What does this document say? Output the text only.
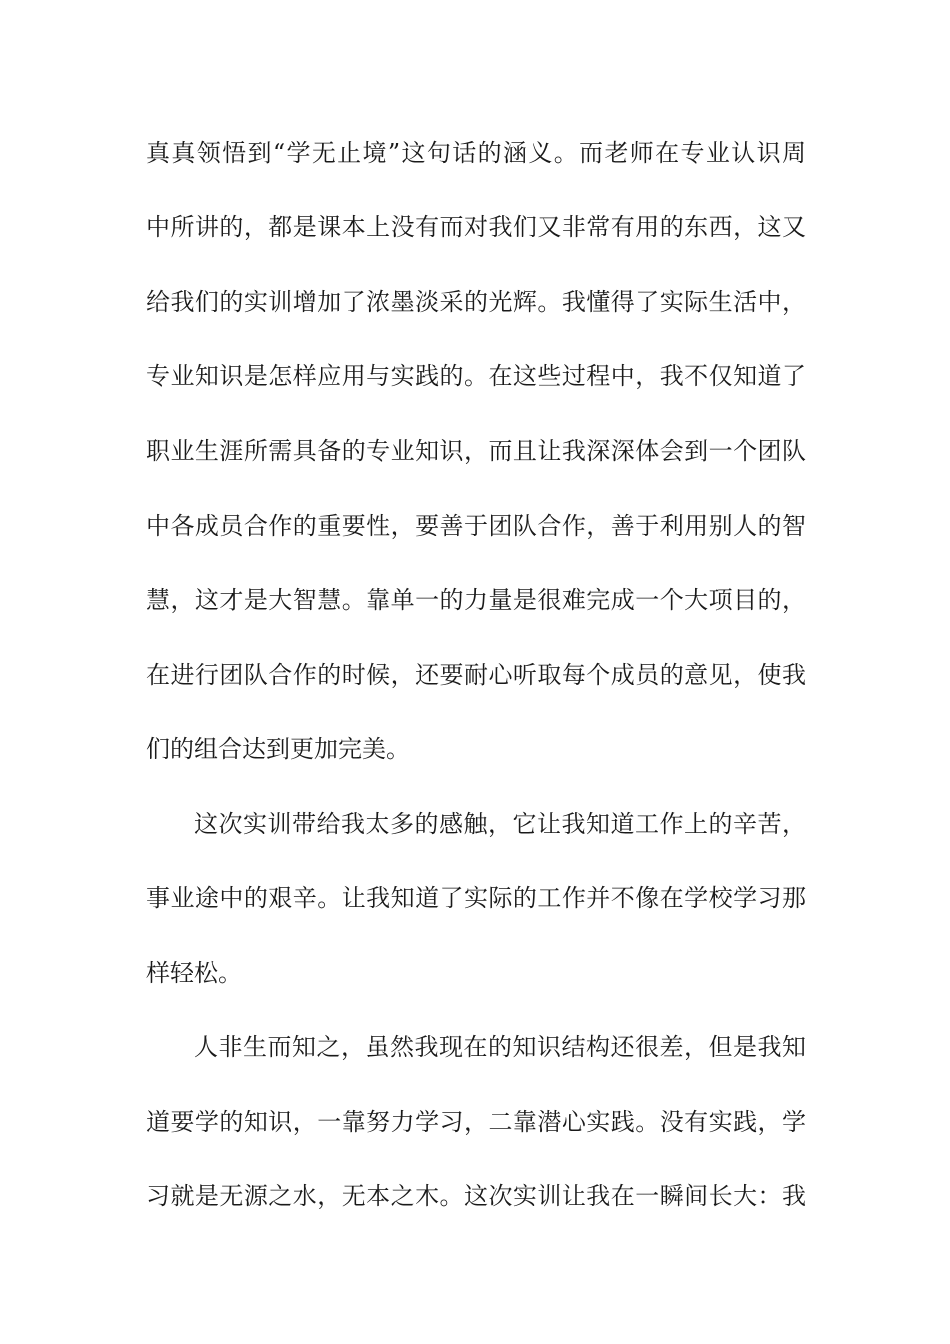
真真领悟到“学无止境”这句话的涵义。而老师在专业认识周
中所讲的，都是课本上没有而对我们又非常有用的东西，这又
给我们的实训增加了浓墨淡采的光辉。我懂得了实际生活中，
专业知识是怎样应用与实践的。在这些过程中，我不仅知道了
职业生涯所需具备的专业知识，而且让我深深体会到一个团队
中各成员合作的重要性，要善于团队合作，善于利用别人的智
慧，这才是大智慧。靠单一的力量是很难完成一个大项目的，
在进行团队合作的时候，还要耐心听取每个成员的意见，使我
们的组合达到更加完美。
这次实训带给我太多的感触，它让我知道工作上的辛苦，
事业途中的艰辛。让我知道了实际的工作并不像在学校学习那
样轻松。
人非生而知之，虽然我现在的知识结构还很差，但是我知
道要学的知识，一靠努力学习，二靠潜心实践。没有实践，学
习就是无源之水，无本之木。这次实训让我在一瞬间长大：我
